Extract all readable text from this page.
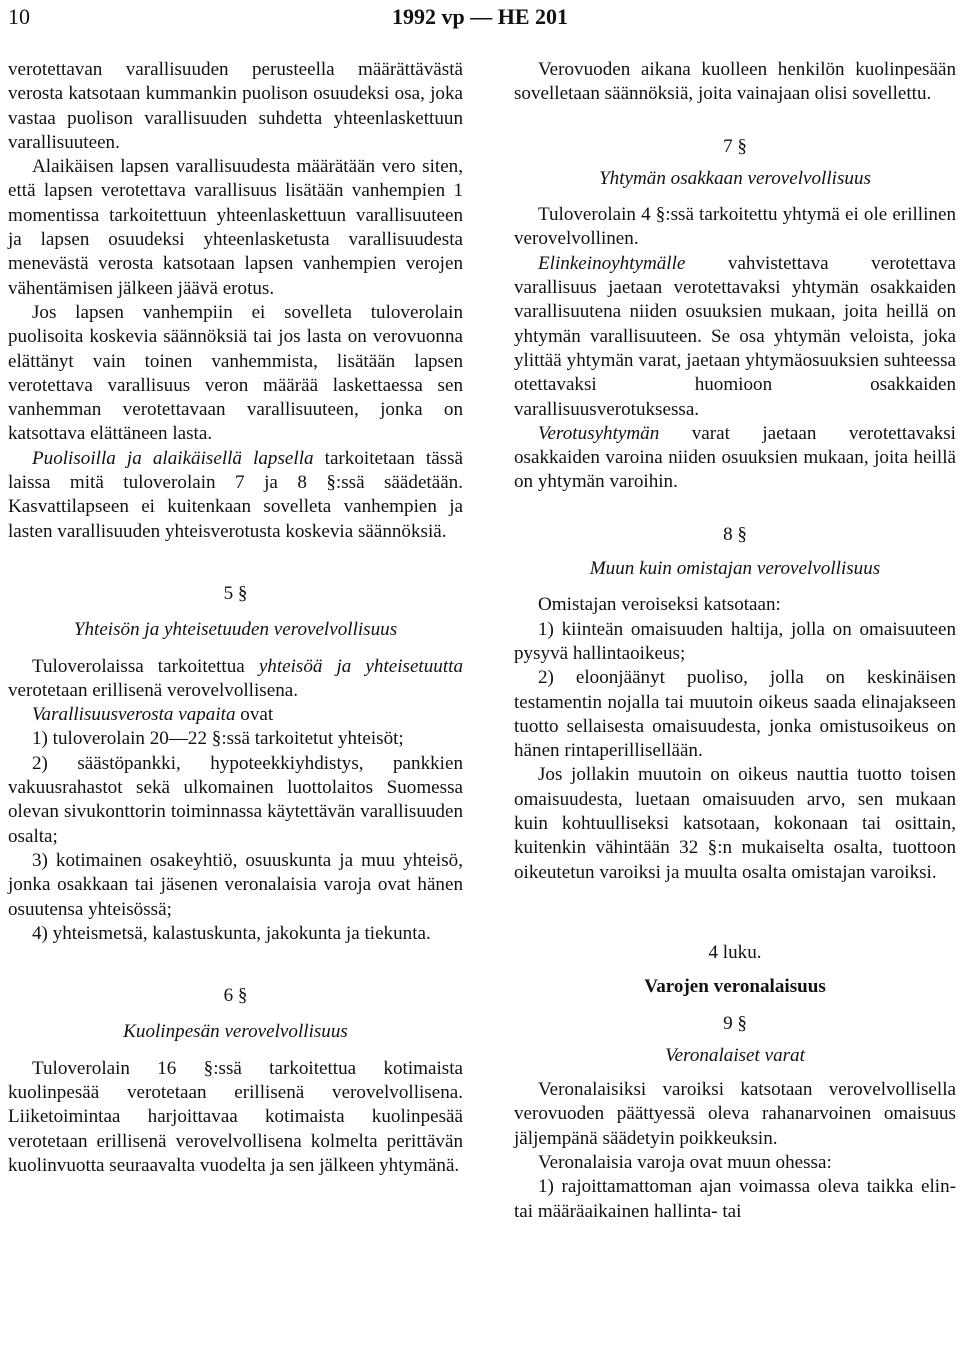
10	1992 vp — HE 201

verotettavan varallisuuden perusteella määrättävästä verosta katsotaan kummankin puolison osuudeksi osa, joka vastaa puolison varallisuuden suhdetta yhteenlaskettuun varallisuuteen.

Alaikäisen lapsen varallisuudesta määrätään vero siten, että lapsen verotettava varallisuus lisätään vanhempien 1 momentissa tarkoitettuun yhteenlaskettuun varallisuuteen ja lapsen osuudeksi yhteenlasketusta varallisuudesta menevästä verosta katsotaan lapsen vanhempien verojen vähentämisen jälkeen jäävä erotus.

Jos lapsen vanhempiin ei sovelleta tuloverolain puolisoita koskevia säännöksiä tai jos lasta on verovuonna elättänyt vain toinen vanhemmista, lisätään lapsen verotettava varallisuus veron määrää laskettaessa sen vanhemman verotettavaan varallisuuteen, jonka on katsottava elättäneen lasta.

Puolisoilla ja alaikäisellä lapsella tarkoitetaan tässä laissa mitä tuloverolain 7 ja 8 §:ssä säädetään. Kasvattilapseen ei kuitenkaan sovelleta vanhempien ja lasten varallisuuden yhteisverotusta koskevia säännöksiä.

5 §

Yhteisön ja yhteisetuuden verovelvollisuus

Tuloverolaissa tarkoitettua yhteisöä ja yhteisetuutta verotetaan erillisenä verovelvollisena.

Varallisuusverosta vapaita ovat

1) tuloverolain 20—22 §:ssä tarkoitetut yhteisöt;

2) säästöpankki, hypoteekkiyhdistys, pankkien vakuusrahastot sekä ulkomainen luottolaitos Suomessa olevan sivukonttorin toiminnassa käytettävän varallisuuden osalta;

3) kotimainen osakeyhtiö, osuuskunta ja muu yhteisö, jonka osakkaan tai jäsenen veronalaisia varoja ovat hänen osuutensa yhteisössä;

4) yhteismetsä, kalastuskunta, jakokunta ja tiekunta.

6 §

Kuolinpesän verovelvollisuus

Tuloverolain 16 §:ssä tarkoitettua kotimaista kuolinpesää verotetaan erillisenä verovelvollisena. Liiketoimintaa harjoittavaa kotimaista kuolinpesää verotetaan erillisenä verovelvollisena kolmelta perittävän kuolinvuotta seuraavalta vuodelta ja sen jälkeen yhtymänä.

Verovuoden aikana kuolleen henkilön kuolinpesään sovelletaan säännöksiä, joita vainajaan olisi sovellettu.

7 §

Yhtymän osakkaan verovelvollisuus

Tuloverolain 4 §:ssä tarkoitettu yhtymä ei ole erillinen verovelvollinen.

Elinkeinoyhtymälle vahvistettava verotettava varallisuus jaetaan verotettavaksi yhtymän osakkaiden varallisuutena niiden osuuksien mukaan, joita heillä on yhtymän varallisuuteen. Se osa yhtymän veloista, joka ylittää yhtymän varat, jaetaan yhtymäosuuksien suhteessa otettavaksi huomioon osakkaiden varallisuusverotuksessa.

Verotusyhtymän varat jaetaan verotettavaksi osakkaiden varoina niiden osuuksien mukaan, joita heillä on yhtymän varoihin.

8 §

Muun kuin omistajan verovelvollisuus

Omistajan veroiseksi katsotaan:

1) kiinteän omaisuuden haltija, jolla on omaisuuteen pysyvä hallintaoikeus;

2) eloonjäänyt puoliso, jolla on keskinäisen testamentin nojalla tai muutoin oikeus saada elinajakseen tuotto sellaisesta omaisuudesta, jonka omistusoikeus on hänen rintaperillisellään.

Jos jollakin muutoin on oikeus nauttia tuotto toisen omaisuudesta, luetaan omaisuuden arvo, sen mukaan kuin kohtuulliseksi katsotaan, kokonaan tai osittain, kuitenkin vähintään 32 §:n mukaiselta osalta, tuottoon oikeutetun varoiksi ja muulta osalta omistajan varoiksi.

4 luku.

Varojen veronalaisuus

9 §

Veronalaiset varat

Veronalaisiksi varoiksi katsotaan verovelvollisella verovuoden päättyessä oleva rahanarvoinen omaisuus jäljempänä säädetyin poikkeuksin.

Veronalaisia varoja ovat muun ohessa:

1) rajoittamattoman ajan voimassa oleva taikka elin- tai määräaikainen hallinta- tai
